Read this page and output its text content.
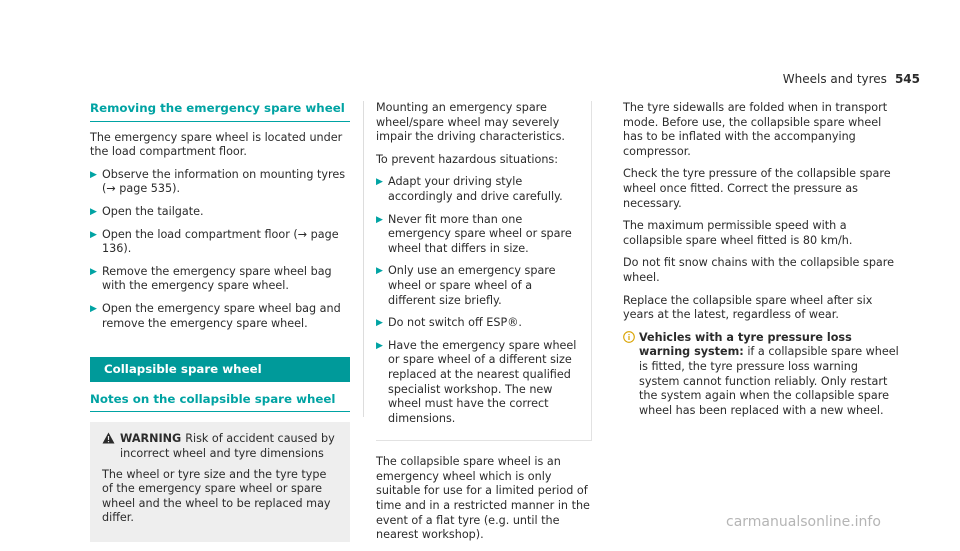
Wheels and tyres 545
Removing the emergency spare wheel

The emergency spare wheel is located under the load compartment floor.

▶ Observe the information on mounting tyres (→ page 535).
▶ Open the tailgate.
▶ Open the load compartment floor (→ page 136).
▶ Remove the emergency spare wheel bag with the emergency spare wheel.
▶ Open the emergency spare wheel bag and remove the emergency spare wheel.
Collapsible spare wheel
Notes on the collapsible spare wheel
WARNING Risk of accident caused by incorrect wheel and tyre dimensions

The wheel or tyre size and the tyre type of the emergency spare wheel or spare wheel and the wheel to be replaced may differ.

Mounting an emergency spare wheel/spare wheel may severely impair the driving characteristics.

To prevent hazardous situations:

▶ Adapt your driving style accordingly and drive carefully.
▶ Never fit more than one emergency spare wheel or spare wheel that differs in size.
▶ Only use an emergency spare wheel or spare wheel of a different size briefly.
▶ Do not switch off ESP®.
▶ Have the emergency spare wheel or spare wheel of a different size replaced at the nearest qualified specialist workshop. The new wheel must have the correct dimensions.

The collapsible spare wheel is an emergency wheel which is only suitable for use for a limited period of time and in a restricted manner in the event of a flat tyre (e.g. until the nearest workshop).

The tyre sidewalls are folded when in transport mode. Before use, the collapsible spare wheel has to be inflated with the accompanying compressor.

Check the tyre pressure of the collapsible spare wheel once fitted. Correct the pressure as necessary.

The maximum permissible speed with a collapsible spare wheel fitted is 80 km/h.

Do not fit snow chains with the collapsible spare wheel.

Replace the collapsible spare wheel after six years at the latest, regardless of wear.

Vehicles with a tyre pressure loss warning system: if a collapsible spare wheel is fitted, the tyre pressure loss warning system cannot function reliably. Only restart the system again when the collapsible spare wheel has been replaced with a new wheel.
carmanualsonline.info
